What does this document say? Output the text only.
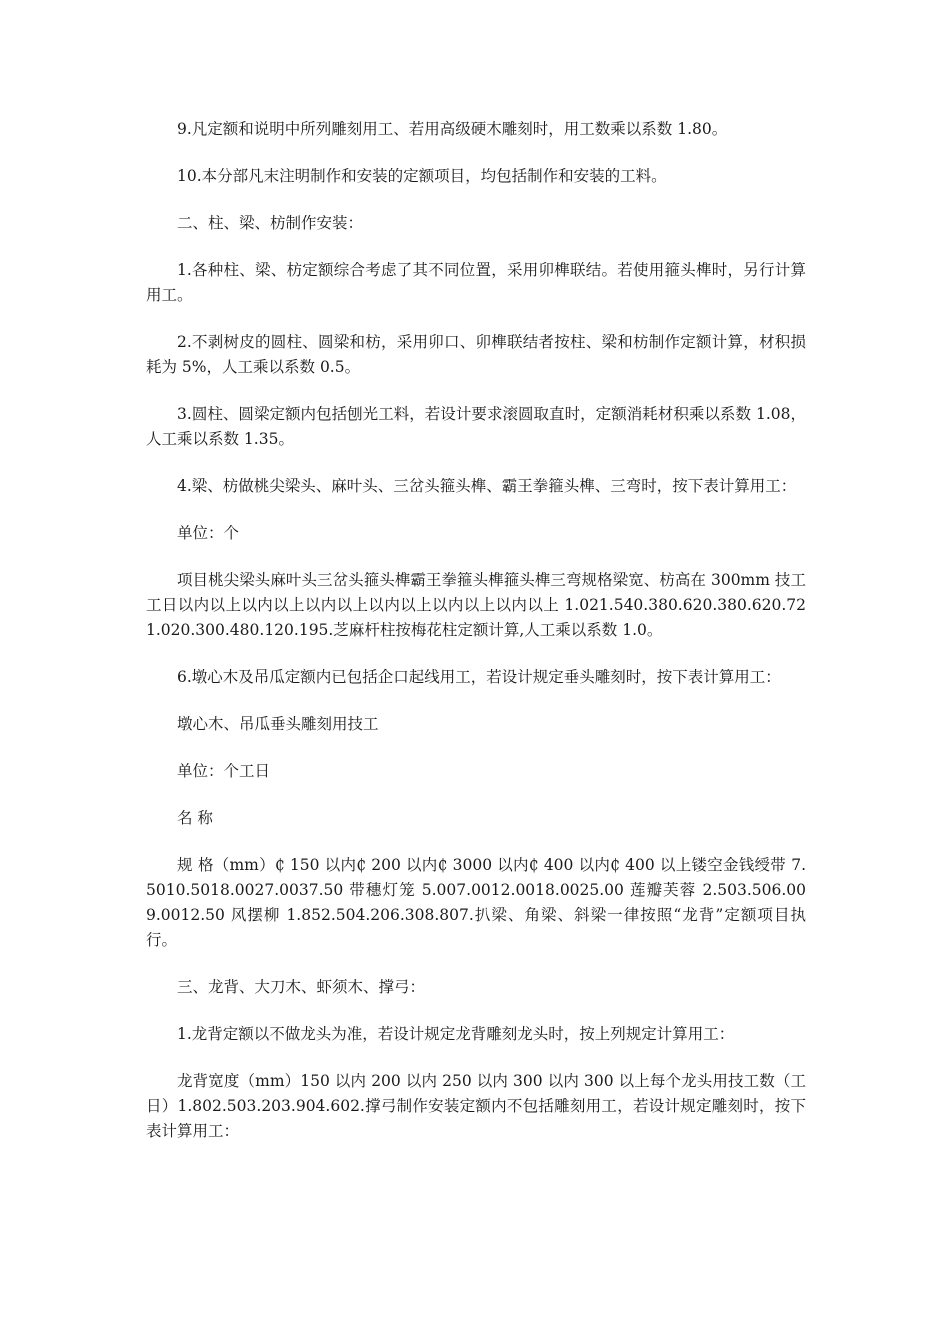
9.凡定额和说明中所列雕刻用工、若用高级硬木雕刻时，用工数乘以系数 1.80。

10.本分部凡末注明制作和安装的定额项目，均包括制作和安装的工料。

二、柱、梁、枋制作安装：

1.各种柱、梁、枋定额综合考虑了其不同位置，采用卯榫联结。若使用箍头榫时，另行计算用工。

2.不剥树皮的圆柱、圆梁和枋，采用卯口、卯榫联结者按柱、梁和枋制作定额计算，材积损耗为 5%，人工乘以系数 0.5。

3.圆柱、圆梁定额内包括刨光工料，若设计要求滚圆取直时，定额消耗材积乘以系数 1.08，人工乘以系数 1.35。

4.梁、枋做桃尖梁头、麻叶头、三岔头箍头榫、霸王拳箍头榫、三弯时，按下表计算用工：

单位：个

项目桃尖梁头麻叶头三岔头箍头榫霸王拳箍头榫箍头榫三弯规格梁宽、枋高在 300mm 技工工日以内以上以内以上以内以上以内以上以内以上以内以上 1.021.540.380.620.380.620.721.020.300.480.120.195.芝麻杆柱按梅花柱定额计算,人工乘以系数 1.0。

6.墩心木及吊瓜定额内已包括企口起线用工，若设计规定垂头雕刻时，按下表计算用工：

墩心木、吊瓜垂头雕刻用技工

单位：个工日

名 称

规 格（mm）₵ 150 以内₵ 200 以内₵ 3000 以内₵ 400 以内₵ 400 以上镂空金钱绶带 7.5010.5018.0027.0037.50 带穗灯笼 5.007.0012.0018.0025.00 莲瓣芙蓉 2.503.506.009.0012.50 风摆柳 1.852.504.206.308.807.扒梁、角梁、斜梁一律按照“龙背”定额项目执行。

三、龙背、大刀木、虾须木、撑弓：

1.龙背定额以不做龙头为准，若设计规定龙背雕刻龙头时，按上列规定计算用工：

龙背宽度（mm）150 以内 200 以内 250 以内 300 以内 300 以上每个龙头用技工数（工日）1.802.503.203.904.602.撑弓制作安装定额内不包括雕刻用工，若设计规定雕刻时，按下表计算用工：
